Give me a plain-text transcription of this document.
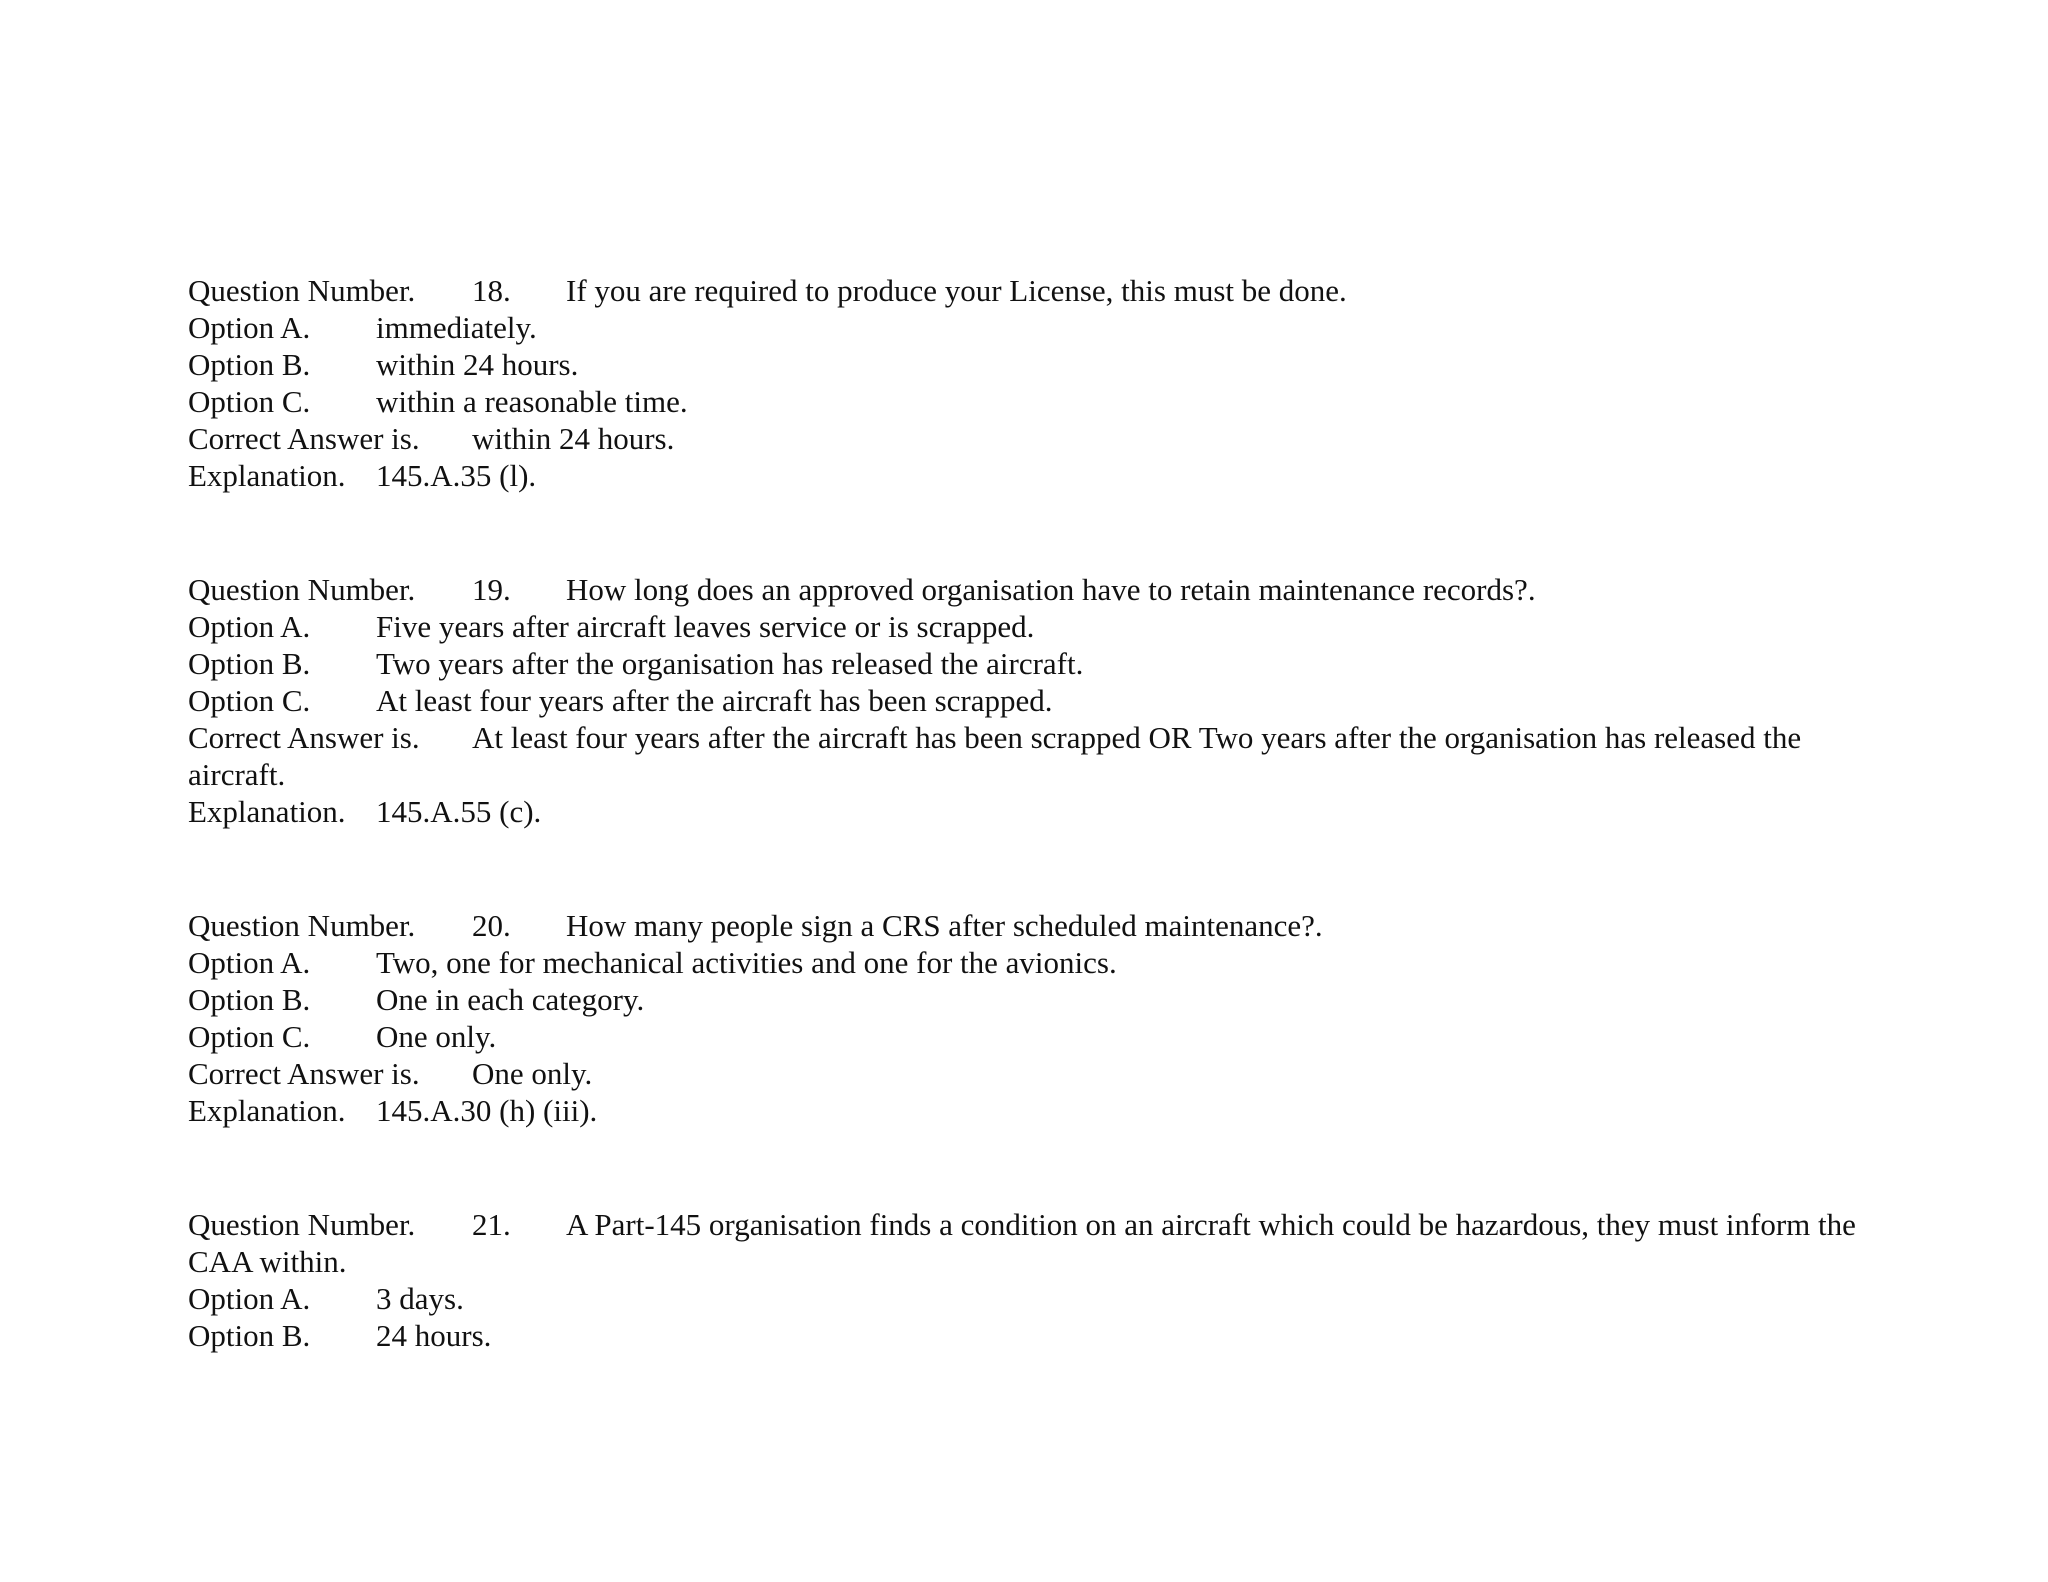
Question Number. 18. If you are required to produce your License, this must be done.
Option A. immediately.
Option B. within 24 hours.
Option C. within a reasonable time.
Correct Answer is. within 24 hours.
Explanation. 145.A.35 (l).
Question Number. 19. How long does an approved organisation have to retain maintenance records?.
Option A. Five years after aircraft leaves service or is scrapped.
Option B. Two years after the organisation has released the aircraft.
Option C. At least four years after the aircraft has been scrapped.
Correct Answer is. At least four years after the aircraft has been scrapped OR Two years after the organisation has released the
aircraft.
Explanation. 145.A.55 (c).
Question Number. 20. How many people sign a CRS after scheduled maintenance?.
Option A. Two, one for mechanical activities and one for the avionics.
Option B. One in each category.
Option C. One only.
Correct Answer is. One only.
Explanation. 145.A.30 (h) (iii).
Question Number. 21. A Part-145 organisation finds a condition on an aircraft which could be hazardous, they must inform the
CAA within.
Option A. 3 days.
Option B. 24 hours.
